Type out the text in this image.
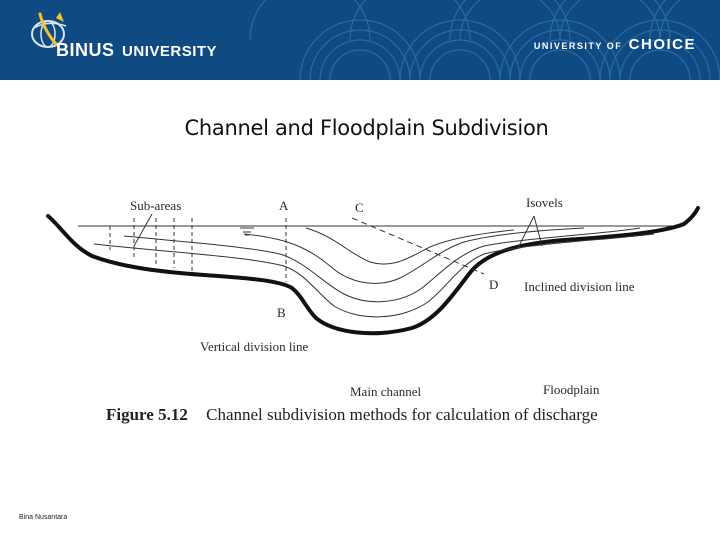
BINUS UNIVERSITY	UNIVERSITY OF CHOICE
Channel and Floodplain Subdivision
Sub-areas	A	C	Isovels
D Inclined division line
B
Vertical division line
Main channel	Floodplain
Figure 5.12 Channel subdivision methods for calculation of discharge
Bina Nusantara
